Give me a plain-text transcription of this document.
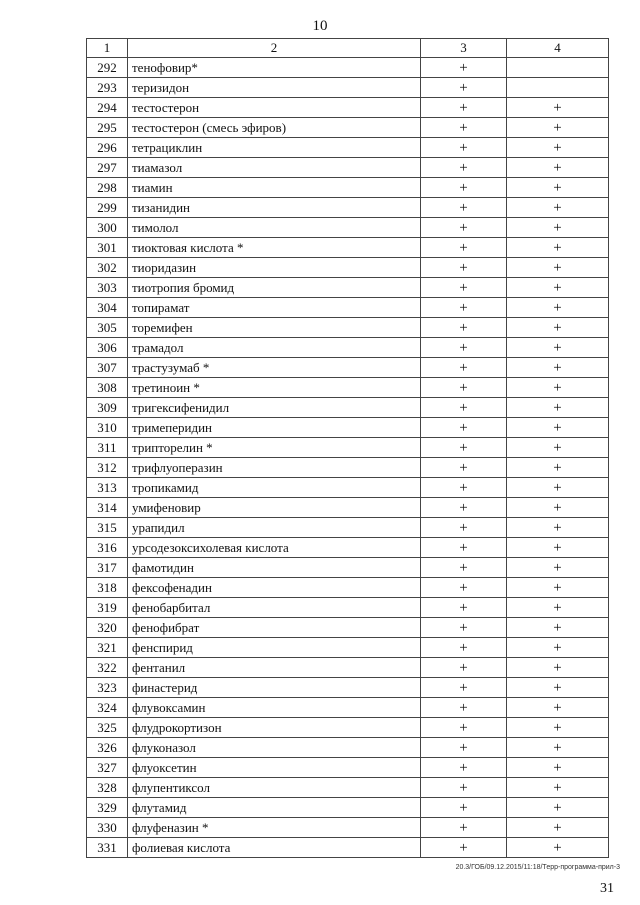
10
1	2	3	4
292	тенофовир*	+	
293	теризидон	+	
294	тестостерон	+	+
295	тестостерон (смесь эфиров)	+	+
296	тетрациклин	+	+
297	тиамазол	+	+
298	тиамин	+	+
299	тизанидин	+	+
300	тимолол	+	+
301	тиоктовая кислота *	+	+
302	тиоридазин	+	+
303	тиотропия бромид	+	+
304	топирамат	+	+
305	торемифен	+	+
306	трамадол	+	+
307	трастузумаб *	+	+
308	третиноин *	+	+
309	тригексифенидил	+	+
310	тримеперидин	+	+
311	трипторелин *	+	+
312	трифлуоперазин	+	+
313	тропикамид	+	+
314	умифеновир	+	+
315	урапидил	+	+
316	урсодезоксихолевая кислота	+	+
317	фамотидин	+	+
318	фексофенадин	+	+
319	фенобарбитал	+	+
320	фенофибрат	+	+
321	фенспирид	+	+
322	фентанил	+	+
323	финастерид	+	+
324	флувоксамин	+	+
325	флудрокортизон	+	+
326	флуконазол	+	+
327	флуоксетин	+	+
328	флупентиксол	+	+
329	флутамид	+	+
330	флуфеназин *	+	+
331	фолиевая кислота	+	+
20.3/ГОБ/09.12.2015/11:18/Терр-программа-прил-3
31
